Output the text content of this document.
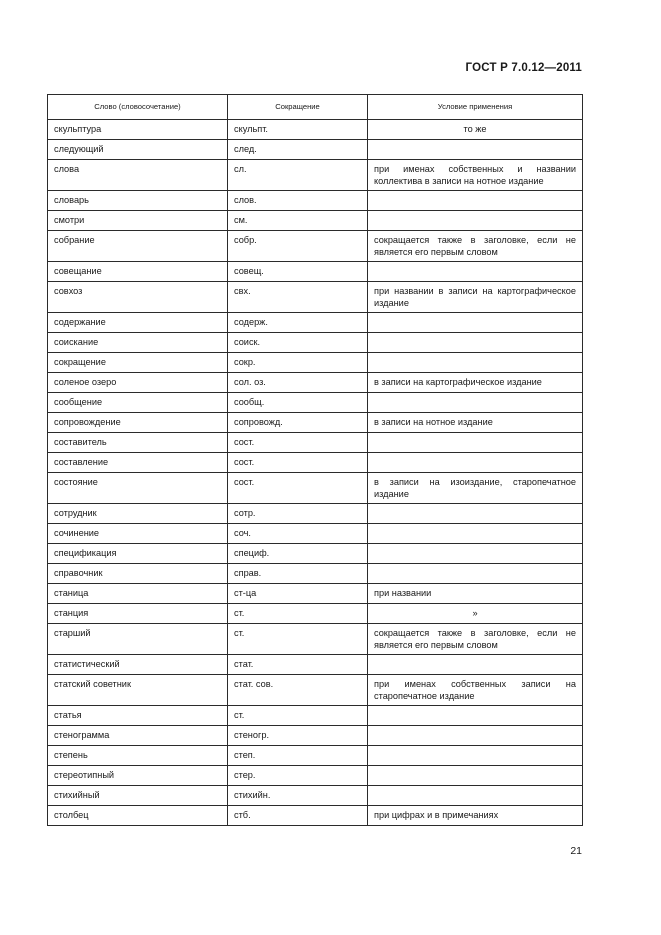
ГОСТ Р 7.0.12—2011
Слово (словосочетание)	Сокращение	Условие применения
скульптура	скульпт.	то же
следующий	след.	
слова	сл.	при именах собственных и названии коллектива в записи на нотное издание
словарь	слов.	
смотри	см.	
собрание	собр.	сокращается также в заголовке, если не является его первым словом
совещание	совещ.	
совхоз	свх.	при названии в записи на картографическое издание
содержание	содерж.	
соискание	соиск.	
сокращение	сокр.	
соленое озеро	сол. оз.	в записи на картографическое издание
сообщение	сообщ.	
сопровождение	сопровожд.	в записи на нотное издание
составитель	сост.	
составление	сост.	
состояние	сост.	в записи на изоиздание, старопечатное издание
сотрудник	сотр.	
сочинение	соч.	
спецификация	специф.	
справочник	справ.	
станица	ст-ца	при названии
станция	ст.	»
старший	ст.	сокращается также в заголовке, если не является его первым словом
статистический	стат.	
статский советник	стат. сов.	при именах собственных записи на старопечатное издание
статья	ст.	
стенограмма	стеногр.	
степень	степ.	
стереотипный	стер.	
стихийный	стихийн.	
столбец	стб.	при цифрах и в примечаниях
21
